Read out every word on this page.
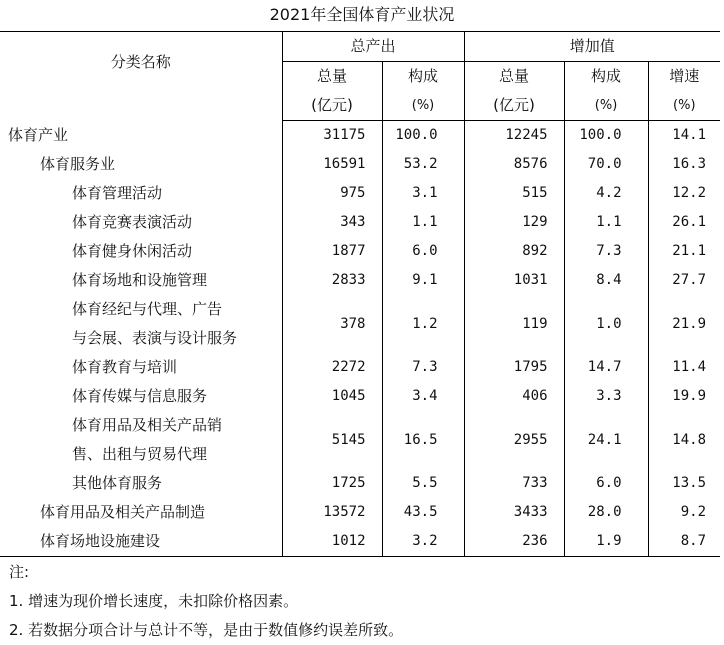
2021年全国体育产业状况
分类名称	总产出		增加值		
	总量	构成	总量	构成	增速
	(亿元)	(%)	(亿元)	(%)	(%)

体育产业	31175	100.0	12245	100.0	14.1

体育服务业	16591	53.2	8576	70.0	16.3

体育管理活动	975	3.1	515	4.2	12.2

体育竞赛表演活动	343	1.1	129	1.1	26.1

体育健身休闲活动	1877	6.0	892	7.3	21.1

体育场地和设施管理	2833	9.1	1031	8.4	27.7

体育经纪与代理、广告
与会展、表演与设计服务	378	1.2	119	1.0	21.9

体育教育与培训	2272	7.3	1795	14.7	11.4

体育传媒与信息服务	1045	3.4	406	3.3	19.9

体育用品及相关产品销
售、出租与贸易代理	5145	16.5	2955	24.1	14.8

其他体育服务	1725	5.5	733	6.0	13.5

体育用品及相关产品制造	13572	43.5	3433	28.0	9.2

体育场地设施建设	1012	3.2	236	1.9	8.7
注:
1. 增速为现价增长速度，未扣除价格因素。
2. 若数据分项合计与总计不等，是由于数值修约误差所致。
